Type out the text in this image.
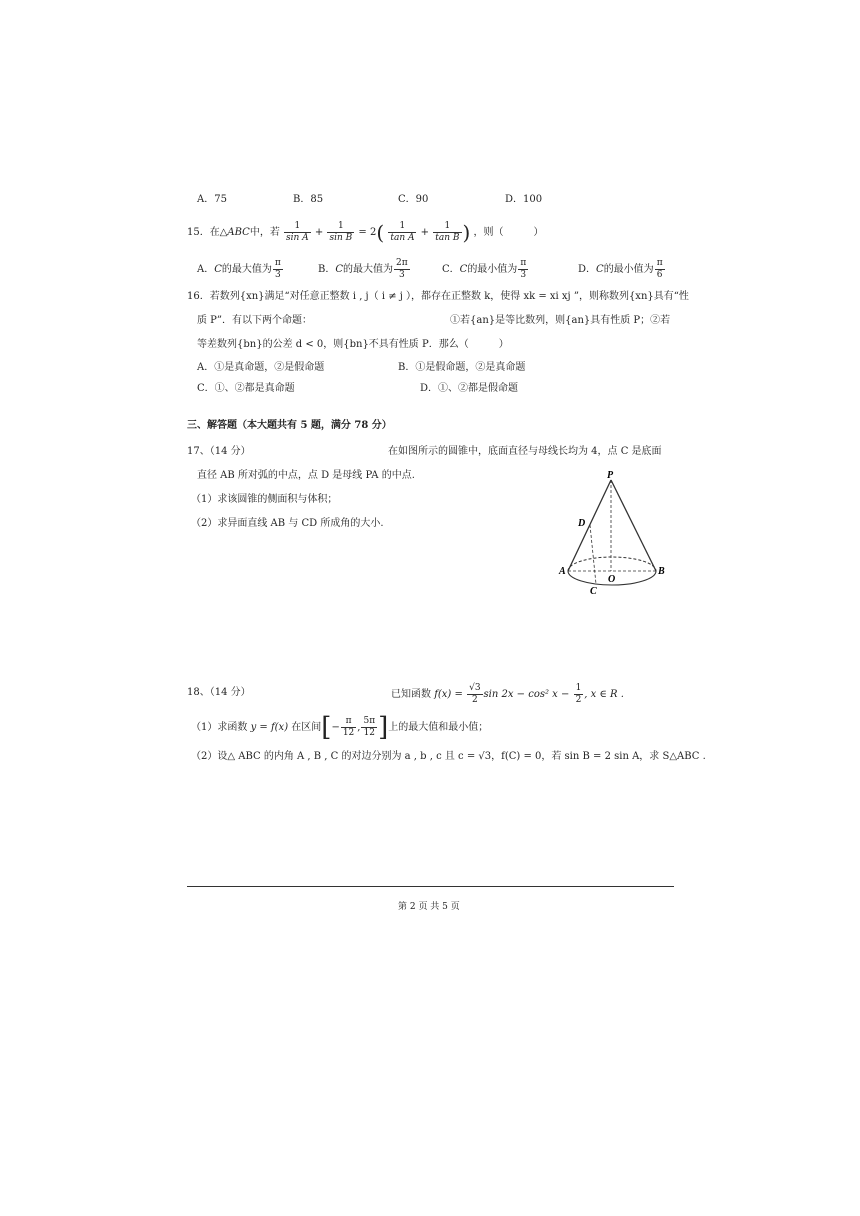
A．75	B．85	C．90	D．100
15．在△ABC中，若 $\frac{1}{\text{sin A}} + \frac{1}{\text{sin B}} = 2( \frac{1}{\text{tan A}} + \frac{1}{\text{tan B}}$ ) ，则（　　　）
A．C的最大值为 $\frac{\pi}{3}$	B．C的最大值为 $\frac{2\pi}{3}$	C．C的最小值为 $\frac{\pi}{3}$	D．C的最小值为 $\frac{\pi}{6}$
16．若数列{xn}满足“对任意正整数 i , j（ i ≠ j ），都存在正整数 k，使得 xk = xi xj ”，则称数列{xn}具有“性
质 P”．有以下两个命题：	①若{an}是等比数列，则{an}具有性质 P；②若
等差数列{bn}的公差 d < 0，则{bn}不具有性质 P．那么（　　　）
A．①是真命题，②是假命题	B．①是假命题，②是真命题
C．①、②都是真命题	D．①、②都是假命题
三、解答题（本大题共有 5 题，满分 78 分）
17、（14 分）	在如图所示的圆锥中，底面直径与母线长均为 4，点 C 是底面
直径 AB 所对弧的中点，点 D 是母线 PA 的中点.
（1）求该圆锥的侧面积与体积；
（2）求异面直线 AB 与 CD 所成角的大小.
P
D
A
O
B
C
18、（14 分）	已知函数 $f(x) = \frac{√3}{2}$ sin 2x − cos² $x - \frac{1}{2}$ , x ∈ R .
（1）求函数 y = f(x) 在区间[− $\frac{\pi}{12}$ , $\frac{5\pi}{12}$ ]上的最大值和最小值；
（2）设△ ABC 的内角 A , B , C 的对边分别为 a , b , c 且 c = √3，f(C) = 0，若 sin B = 2 sin A，求 S△ABC .
第 2 页 共 5 页
